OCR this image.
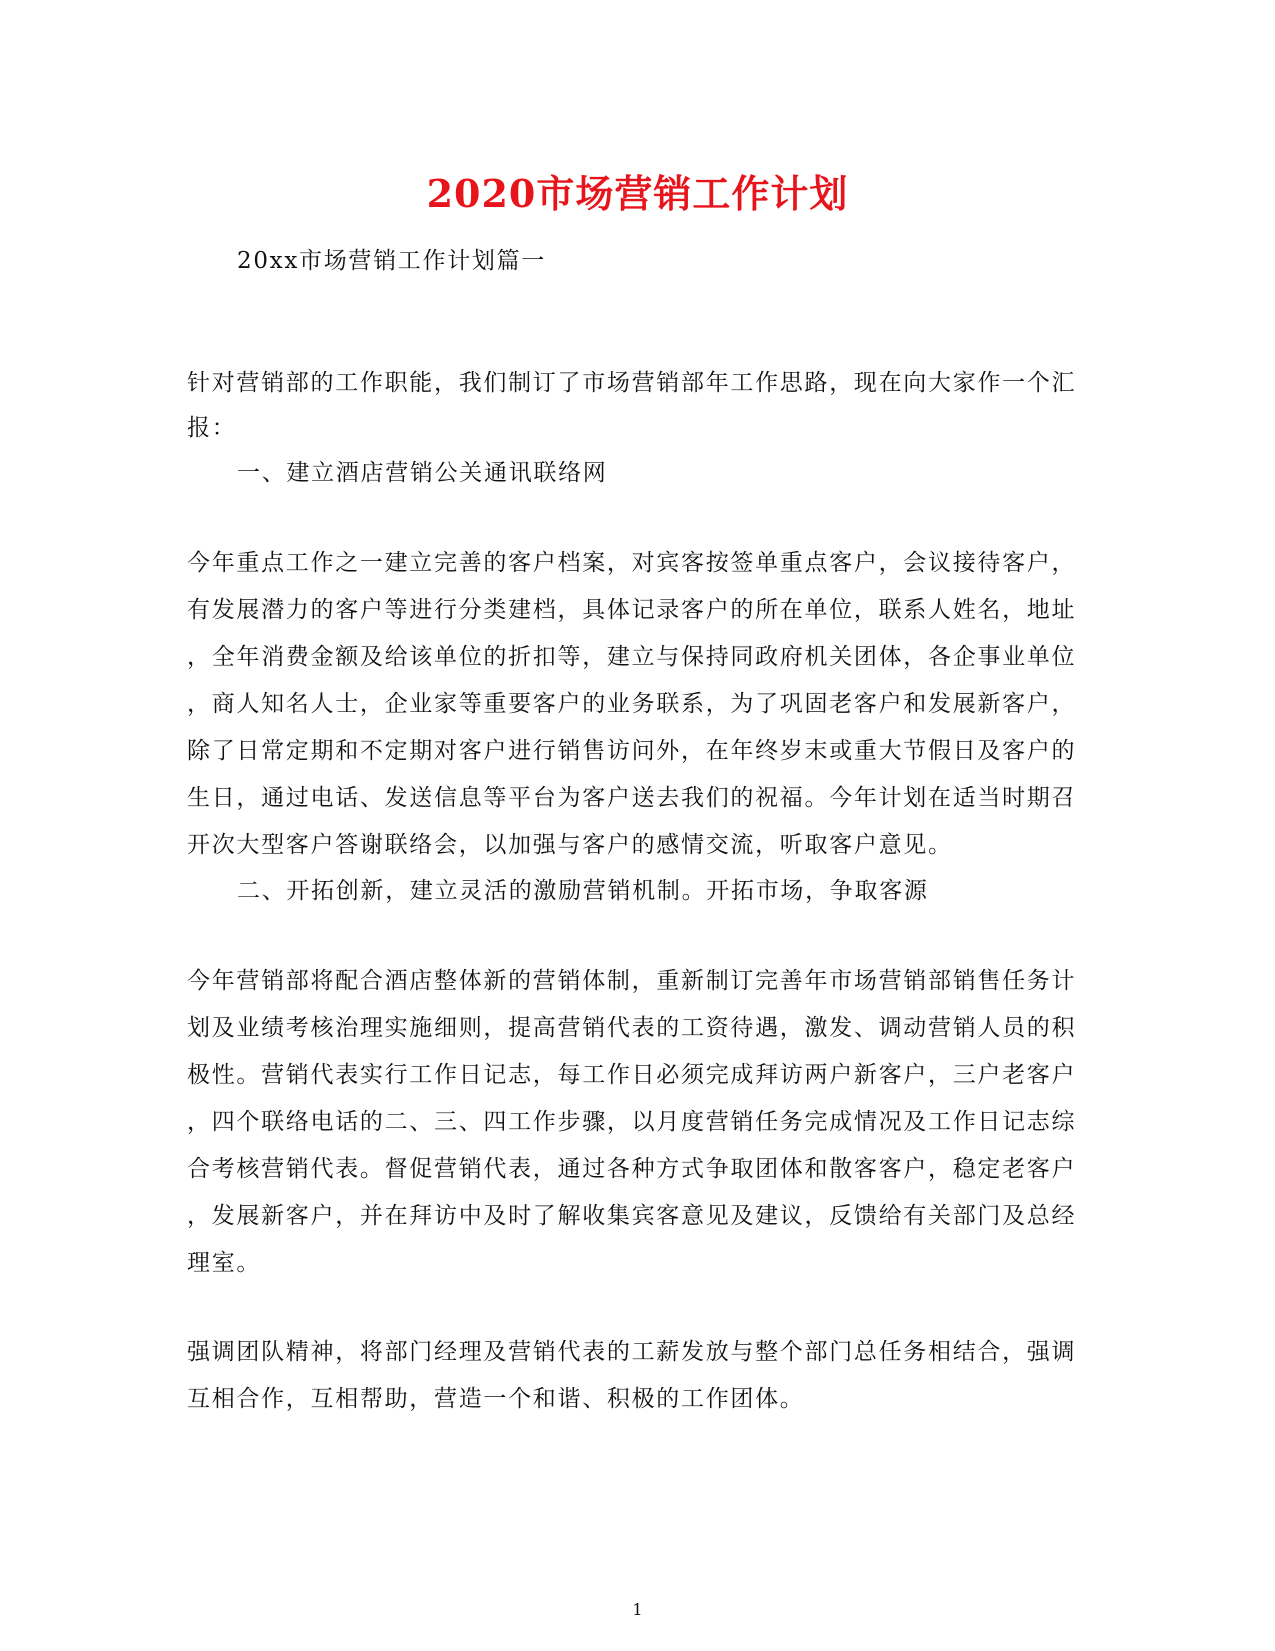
2020市场营销工作计划
20xx市场营销工作计划篇一
针对营销部的工作职能，我们制订了市场营销部年工作思路，现在向大家作一个汇
报：
一、建立酒店营销公关通讯联络网
今年重点工作之一建立完善的客户档案，对宾客按签单重点客户，会议接待客户，
有发展潜力的客户等进行分类建档，具体记录客户的所在单位，联系人姓名，地址
，全年消费金额及给该单位的折扣等，建立与保持同政府机关团体，各企事业单位
，商人知名人士，企业家等重要客户的业务联系，为了巩固老客户和发展新客户，
除了日常定期和不定期对客户进行销售访问外，在年终岁末或重大节假日及客户的
生日，通过电话、发送信息等平台为客户送去我们的祝福。今年计划在适当时期召
开次大型客户答谢联络会，以加强与客户的感情交流，听取客户意见。
二、开拓创新，建立灵活的激励营销机制。开拓市场，争取客源
今年营销部将配合酒店整体新的营销体制，重新制订完善年市场营销部销售任务计
划及业绩考核治理实施细则，提高营销代表的工资待遇，激发、调动营销人员的积
极性。营销代表实行工作日记志，每工作日必须完成拜访两户新客户，三户老客户
，四个联络电话的二、三、四工作步骤，以月度营销任务完成情况及工作日记志综
合考核营销代表。督促营销代表，通过各种方式争取团体和散客客户，稳定老客户
，发展新客户，并在拜访中及时了解收集宾客意见及建议，反馈给有关部门及总经
理室。
强调团队精神，将部门经理及营销代表的工薪发放与整个部门总任务相结合，强调
互相合作，互相帮助，营造一个和谐、积极的工作团体。
1
